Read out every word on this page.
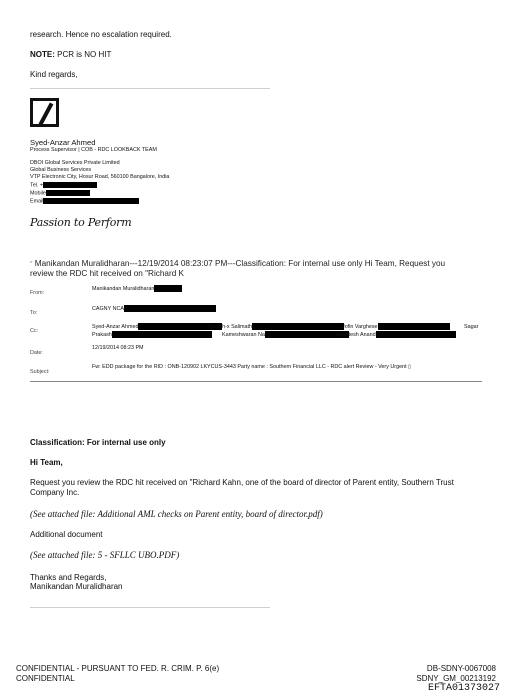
research. Hence no escalation required.
NOTE: PCR is NO HIT
Kind regards,
Syed-Anzar Ahmed
Process Supervisor | COB - RDC LOOKBACK TEAM
DBOI Global Services Private Limited
Global Business Services
VTP Electronic City, Hosur Road, 560100 Bangalore, India
Tel. +
Mobile
Email
Passion to Perform
″ Manikandan Muralidharan---12/19/2014 08:23:07 PM---Classification: For internal use only Hi Team, Request you
review the RDC hit received on "Richard K
From:
Manikandan Muralidharan
To:
CAGNY NCA
Cc:
Syed-Anzar Ahmed	Suresh-x Salimath	Jofin Varghese	Sagar
Prakash	Kameshwaran Na	Anantesh Anand
Date:
12/19/2014 08:23 PM
Subject:
Fw: EDD package for the RID : ONB-120902 LKYCUS-3443 Party name : Southern Financial LLC - RDC alert Review - Very Urgent ▯
Classification: For internal use only
Hi Team,
Request you review the RDC hit received on "Richard Kahn, one of the board of director of Parent entity, Southern Trust
Company Inc.
(See attached file: Additional AML checks on Parent entity, board of director.pdf)
Additional document
(See attached file: 5 - SFLLC UBO.PDF)
Thanks and Regards,
Manikandan Muralidharan
CONFIDENTIAL - PURSUANT TO FED. R. CRIM. P. 6(e)
CONFIDENTIAL
DB-SDNY-0067008
SDNY_GM_00213192
EFTA01373027
